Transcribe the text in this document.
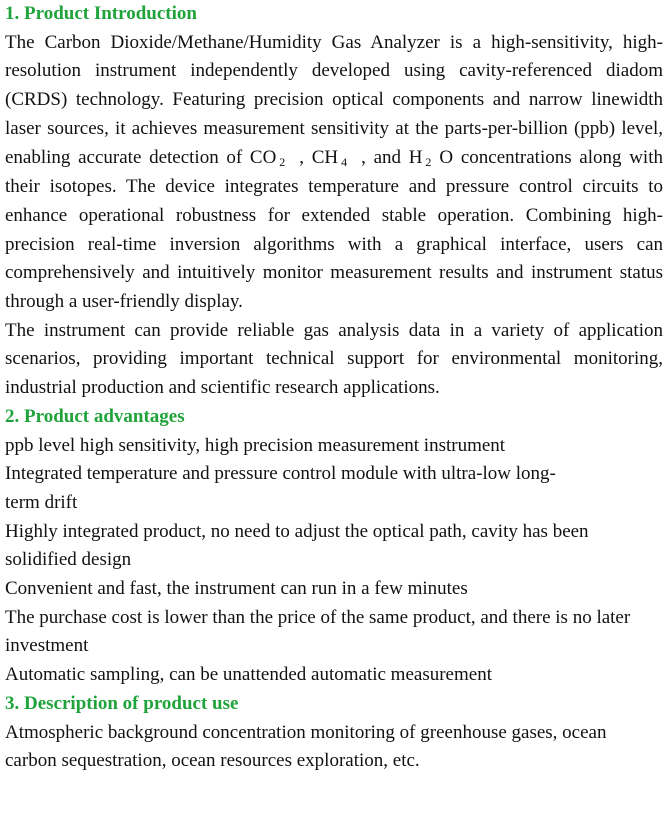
1. Product Introduction
The Carbon Dioxide/Methane/Humidity Gas Analyzer is a high-sensitivity, high-resolution instrument independently developed using cavity-referenced diadom (CRDS) technology. Featuring precision optical components and narrow linewidth laser sources, it achieves measurement sensitivity at the parts-per-billion (ppb) level, enabling accurate detection of CO 2 , CH 4 , and H 2 O concentrations along with their isotopes. The device integrates temperature and pressure control circuits to enhance operational robustness for extended stable operation. Combining high-precision real-time inversion algorithms with a graphical interface, users can comprehensively and intuitively monitor measurement results and instrument status through a user-friendly display.
The instrument can provide reliable gas analysis data in a variety of application scenarios, providing important technical support for environmental monitoring, industrial production and scientific research applications.
2. Product advantages
ppb level high sensitivity, high precision measurement instrument
Integrated temperature and pressure control module with ultra-low long-term drift
Highly integrated product, no need to adjust the optical path, cavity has been solidified design
Convenient and fast, the instrument can run in a few minutes
The purchase cost is lower than the price of the same product, and there is no later investment
Automatic sampling, can be unattended automatic measurement
3. Description of product use
Atmospheric background concentration monitoring of greenhouse gases, ocean carbon sequestration, ocean resources exploration, etc.
